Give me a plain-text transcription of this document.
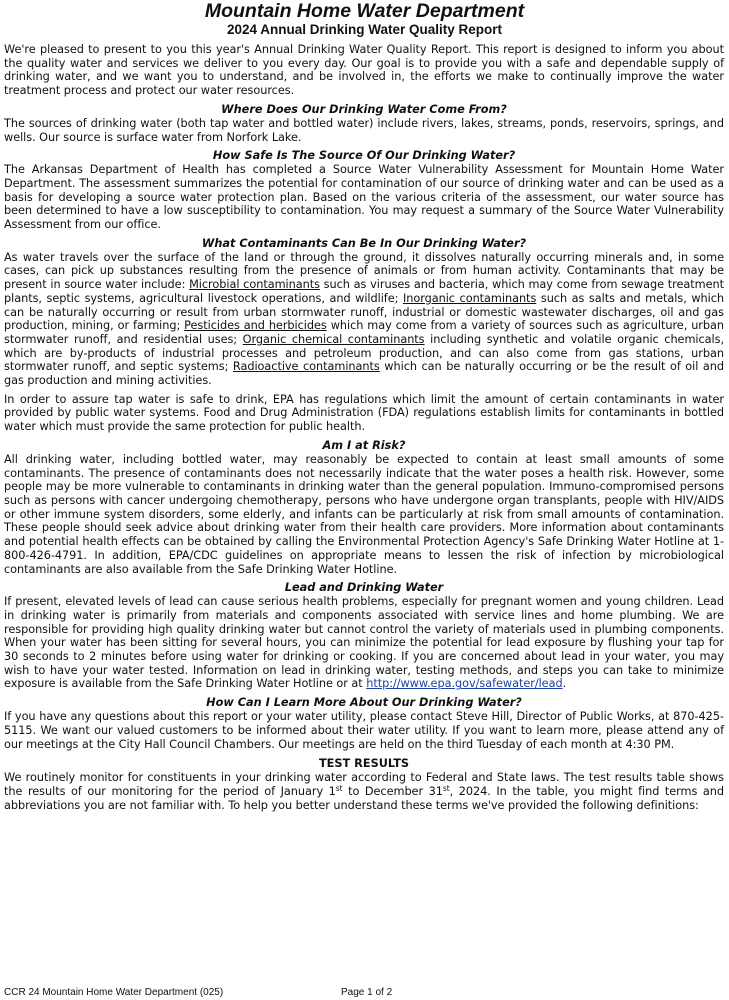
Mountain Home Water Department
2024 Annual Drinking Water Quality Report

We're pleased to present to you this year's Annual Drinking Water Quality Report. This report is designed to inform you about the quality water and services we deliver to you every day. Our goal is to provide you with a safe and dependable supply of drinking water, and we want you to understand, and be involved in, the efforts we make to continually improve the water treatment process and protect our water resources.

Where Does Our Drinking Water Come From?

The sources of drinking water (both tap water and bottled water) include rivers, lakes, streams, ponds, reservoirs, springs, and wells. Our source is surface water from Norfork Lake.

How Safe Is The Source Of Our Drinking Water?

The Arkansas Department of Health has completed a Source Water Vulnerability Assessment for Mountain Home Water Department. The assessment summarizes the potential for contamination of our source of drinking water and can be used as a basis for developing a source water protection plan. Based on the various criteria of the assessment, our water source has been determined to have a low susceptibility to contamination. You may request a summary of the Source Water Vulnerability Assessment from our office.

What Contaminants Can Be In Our Drinking Water?

As water travels over the surface of the land or through the ground, it dissolves naturally occurring minerals and, in some cases, can pick up substances resulting from the presence of animals or from human activity. Contaminants that may be present in source water include: Microbial contaminants such as viruses and bacteria, which may come from sewage treatment plants, septic systems, agricultural livestock operations, and wildlife; Inorganic contaminants such as salts and metals, which can be naturally occurring or result from urban stormwater runoff, industrial or domestic wastewater discharges, oil and gas production, mining, or farming; Pesticides and herbicides which may come from a variety of sources such as agriculture, urban stormwater runoff, and residential uses; Organic chemical contaminants including synthetic and volatile organic chemicals, which are by-products of industrial processes and petroleum production, and can also come from gas stations, urban stormwater runoff, and septic systems; Radioactive contaminants which can be naturally occurring or be the result of oil and gas production and mining activities.

In order to assure tap water is safe to drink, EPA has regulations which limit the amount of certain contaminants in water provided by public water systems. Food and Drug Administration (FDA) regulations establish limits for contaminants in bottled water which must provide the same protection for public health.

Am I at Risk?

All drinking water, including bottled water, may reasonably be expected to contain at least small amounts of some contaminants. The presence of contaminants does not necessarily indicate that the water poses a health risk. However, some people may be more vulnerable to contaminants in drinking water than the general population. Immuno-compromised persons such as persons with cancer undergoing chemotherapy, persons who have undergone organ transplants, people with HIV/AIDS or other immune system disorders, some elderly, and infants can be particularly at risk from small amounts of contamination. These people should seek advice about drinking water from their health care providers. More information about contaminants and potential health effects can be obtained by calling the Environmental Protection Agency's Safe Drinking Water Hotline at 1-800-426-4791. In addition, EPA/CDC guidelines on appropriate means to lessen the risk of infection by microbiological contaminants are also available from the Safe Drinking Water Hotline.

Lead and Drinking Water

If present, elevated levels of lead can cause serious health problems, especially for pregnant women and young children. Lead in drinking water is primarily from materials and components associated with service lines and home plumbing. We are responsible for providing high quality drinking water but cannot control the variety of materials used in plumbing components. When your water has been sitting for several hours, you can minimize the potential for lead exposure by flushing your tap for 30 seconds to 2 minutes before using water for drinking or cooking. If you are concerned about lead in your water, you may wish to have your water tested. Information on lead in drinking water, testing methods, and steps you can take to minimize exposure is available from the Safe Drinking Water Hotline or at http://www.epa.gov/safewater/lead.

How Can I Learn More About Our Drinking Water?

If you have any questions about this report or your water utility, please contact Steve Hill, Director of Public Works, at 870-425-5115. We want our valued customers to be informed about their water utility. If you want to learn more, please attend any of our meetings at the City Hall Council Chambers. Our meetings are held on the third Tuesday of each month at 4:30 PM.

TEST RESULTS

We routinely monitor for constituents in your drinking water according to Federal and State laws. The test results table shows the results of our monitoring for the period of January 1st to December 31st, 2024. In the table, you might find terms and abbreviations you are not familiar with. To help you better understand these terms we've provided the following definitions:

CCR 24 Mountain Home Water Department (025)	Page 1 of 2
